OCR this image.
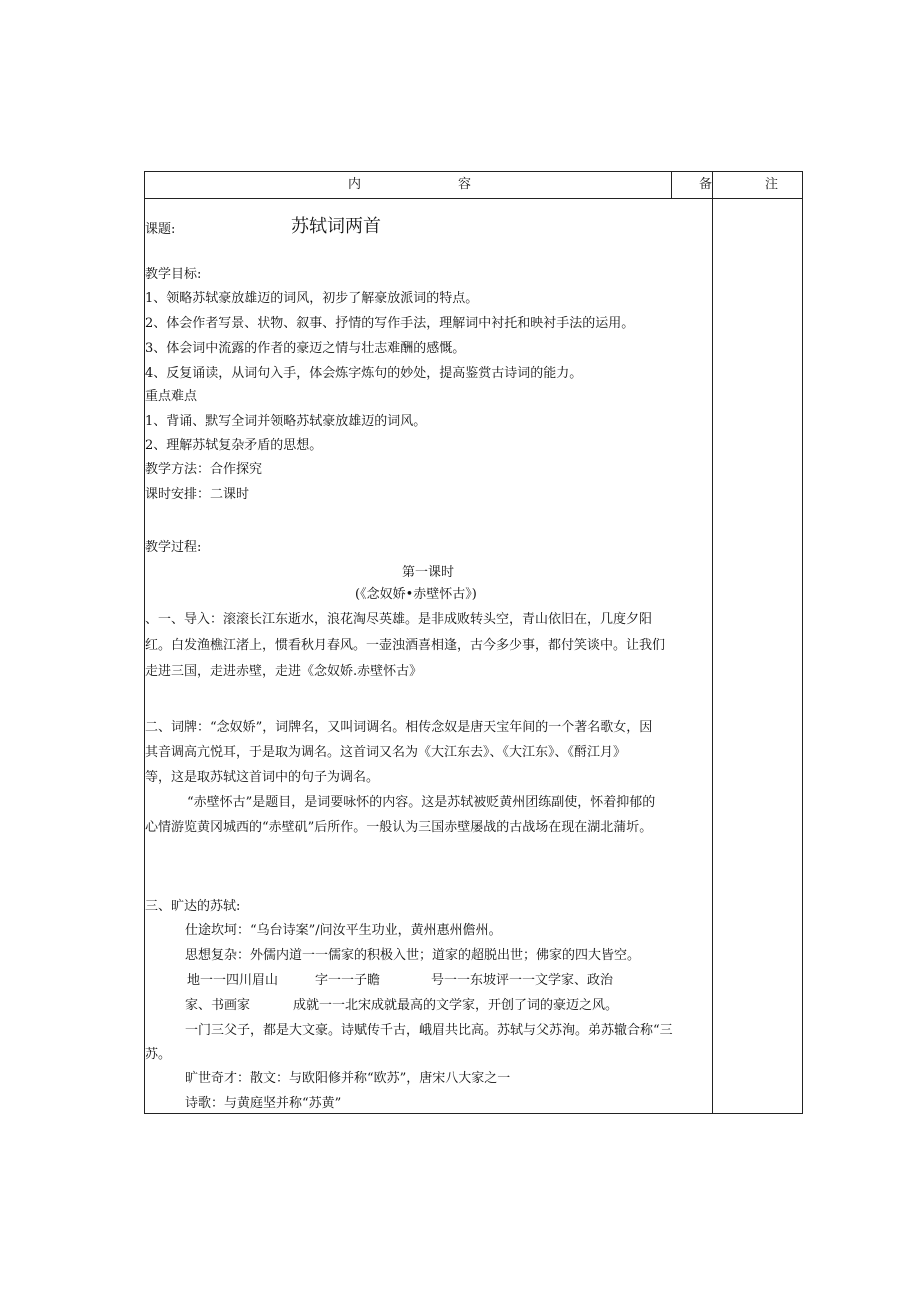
内	容	备	注
课题:	苏轼词两首
教学目标:
1、领略苏轼豪放雄迈的词风，初步了解豪放派词的特点。
2、体会作者写景、状物、叙事、抒情的写作手法，理解词中衬托和映衬手法的运用。
3、体会词中流露的作者的豪迈之情与壮志难酬的感慨。
4、反复诵读，从词句入手，体会炼字炼句的妙处，提高鉴赏古诗词的能力。
重点难点
1、背诵、默写全词并领略苏轼豪放雄迈的词风。
2、理解苏轼复杂矛盾的思想。
教学方法：合作探究
课时安排：二课时
教学过程:
第一课时
(《念奴娇•赤壁怀古》)
、一、导入：滚滚长江东逝水，浪花淘尽英雄。是非成败转头空，青山依旧在，几度夕阳
红。白发渔樵江渚上，惯看秋月春风。一壶浊酒喜相逢，古今多少事，都付笑谈中。让我们
走进三国，走进赤壁，走进《念奴娇.赤壁怀古》
二、词牌：“念奴娇”，词牌名，又叫词调名。相传念奴是唐天宝年间的一个著名歌女，因
其音调高亢悦耳，于是取为调名。这首词又名为《大江东去》、《大江东》、《酹江月》
等，这是取苏轼这首词中的句子为调名。
“赤壁怀古”是题目，是词要咏怀的内容。这是苏轼被贬黄州团练副使，怀着抑郁的
心情游览黄冈城西的“赤壁矶”后所作。一般认为三国赤壁屡战的古战场在现在湖北蒲圻。
三、旷达的苏轼:
仕途坎坷：“乌台诗案”/问汝平生功业，黄州惠州儋州。
思想复杂：外儒内道一一儒家的积极入世；道家的超脱出世；佛家的四大皆空。
地一一四川眉山	字一一子瞻	号一一东坡评一一文学家、政治
家、书画家	成就一一北宋成就最高的文学家，开创了词的豪迈之风。
一门三父子，都是大文豪。诗赋传千古，峨眉共比高。苏轼与父苏洵。弟苏辙合称“三
苏。
旷世奇才：散文：与欧阳修并称“欧苏”，唐宋八大家之一
诗歌：与黄庭坚并称“苏黄”
